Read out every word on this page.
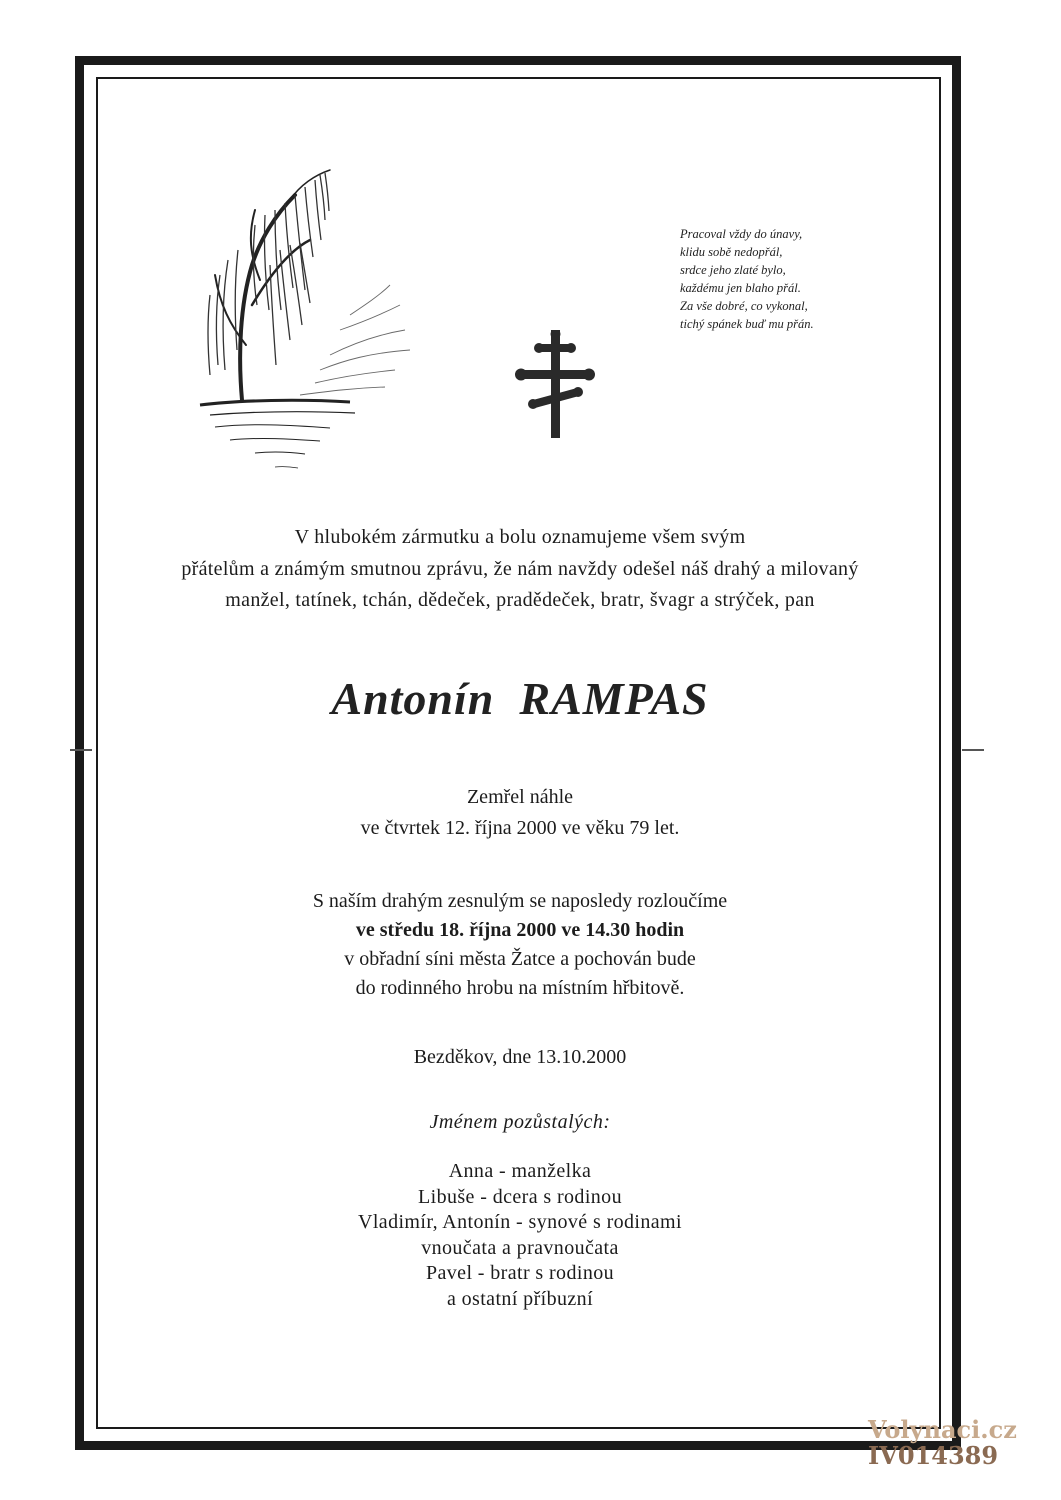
Pracoval vždy do únavy,
klidu sobě nedopřál,
srdce jeho zlaté bylo,
každému jen blaho přál.
Za vše dobré, co vykonal,
tichý spánek buď mu přán.
V hlubokém zármutku a bolu oznamujeme všem svým
přátelům a známým smutnou zprávu, že nám navždy odešel náš drahý a milovaný
manžel, tatínek, tchán, dědeček, pradědeček, bratr, švagr a strýček, pan
Antonín  RAMPAS
Zemřel náhle
ve čtvrtek 12. října 2000 ve věku 79 let.
S naším drahým zesnulým se naposledy rozloučíme
ve středu 18. října 2000 ve 14.30 hodin
v obřadní síni města Žatce a pochován bude
do rodinného hrobu na místním hřbitově.
Bezděkov, dne 13.10.2000
Jménem pozůstalých:
Anna - manželka
Libuše - dcera s rodinou
Vladimír, Antonín - synové s rodinami
vnoučata a pravnoučata
Pavel - bratr s rodinou
a ostatní příbuzní
Volynaci.cz
IV014389
